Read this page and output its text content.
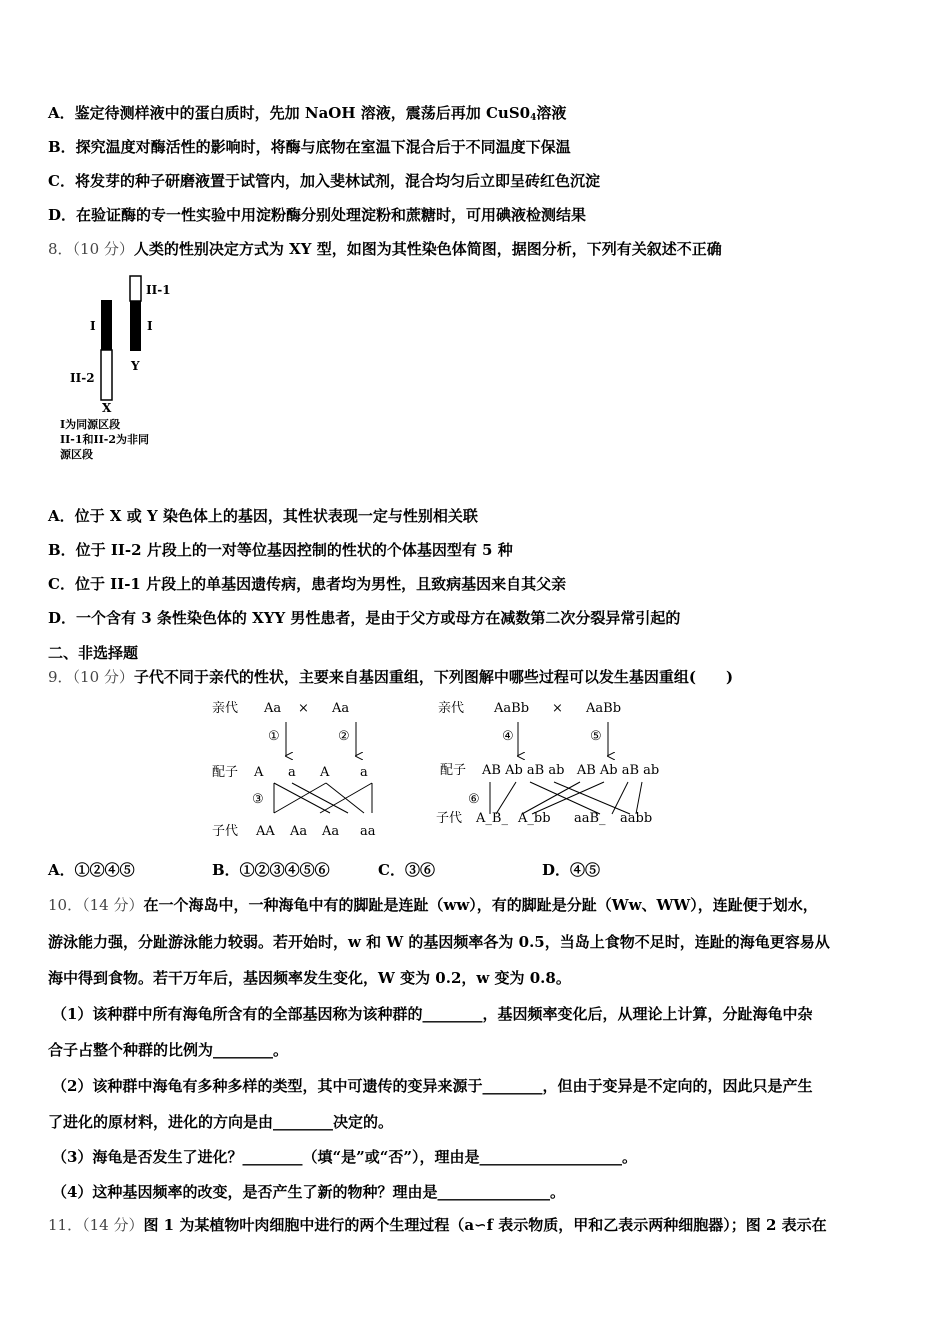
A．鉴定待测样液中的蛋白质时，先加 NaOH 溶液，震荡后再加 $CuS0_4$溶液
B．探究温度对酶活性的影响时，将酶与底物在室温下混合后于不同温度下保温
C．将发芽的种子研磨液置于试管内，加入斐林试剂，混合均匀后立即呈砖红色沉淀
D．在验证酶的专一性实验中用淀粉酶分别处理淀粉和蔗糖时，可用碘液检测结果
8．（10 分）人类的性别决定方式为 XY 型，如图为其性染色体简图，据图分析，下列有关叙述不正确
II-1
I	I
II-2
Y
X
I为同源区段
II-1和II-2为非同
源区段
A．位于 X 或 Y 染色体上的基因，其性状表现一定与性别相关联
B．位于 II-2 片段上的一对等位基因控制的性状的个体基因型有 5 种
C．位于 II-1 片段上的单基因遗传病，患者均为男性，且致病基因来自其父亲
D．一个含有 3 条性染色体的 XYY 男性患者，是由于父方或母方在减数第二次分裂异常引起的
二、非选择题
9．（10 分）子代不同于亲代的性状，主要来自基因重组，下列图解中哪些过程可以发生基因重组(　　)
亲代 Aa × Aa
①	②
配子 A a A a
③
子代 AA Aa Aa aa
亲代 AaBb × AaBb
④	⑤
配子 AB Ab aB ab   AB Ab aB ab
⑥
子代 A_B_ A_bb aaB_ aabb
A．①②④⑤	B．①②③④⑤⑥	C．③⑥	D．④⑤
10．（14 分）在一个海岛中，一种海龟中有的脚趾是连趾（ww），有的脚趾是分趾（Ww、WW），连趾便于划水，
游泳能力强，分趾游泳能力较弱。若开始时，w 和 W 的基因频率各为 0.5，当岛上食物不足时，连趾的海龟更容易从
海中得到食物。若干万年后，基因频率发生变化，W 变为 0.2，w 变为 0.8。
（1）该种群中所有海龟所含有的全部基因称为该种群的________，基因频率变化后，从理论上计算，分趾海龟中杂
合子占整个种群的比例为________。
（2）该种群中海龟有多种多样的类型，其中可遗传的变异来源于________，但由于变异是不定向的，因此只是产生
了进化的原材料，进化的方向是由________决定的。
（3）海龟是否发生了进化？________（填“是”或“否”），理由是___________________。
（4）这种基因频率的改变，是否产生了新的物种？理由是_______________。
11．（14 分）图 1 为某植物叶肉细胞中进行的两个生理过程（a∽f 表示物质，甲和乙表示两种细胞器）；图 2 表示在
